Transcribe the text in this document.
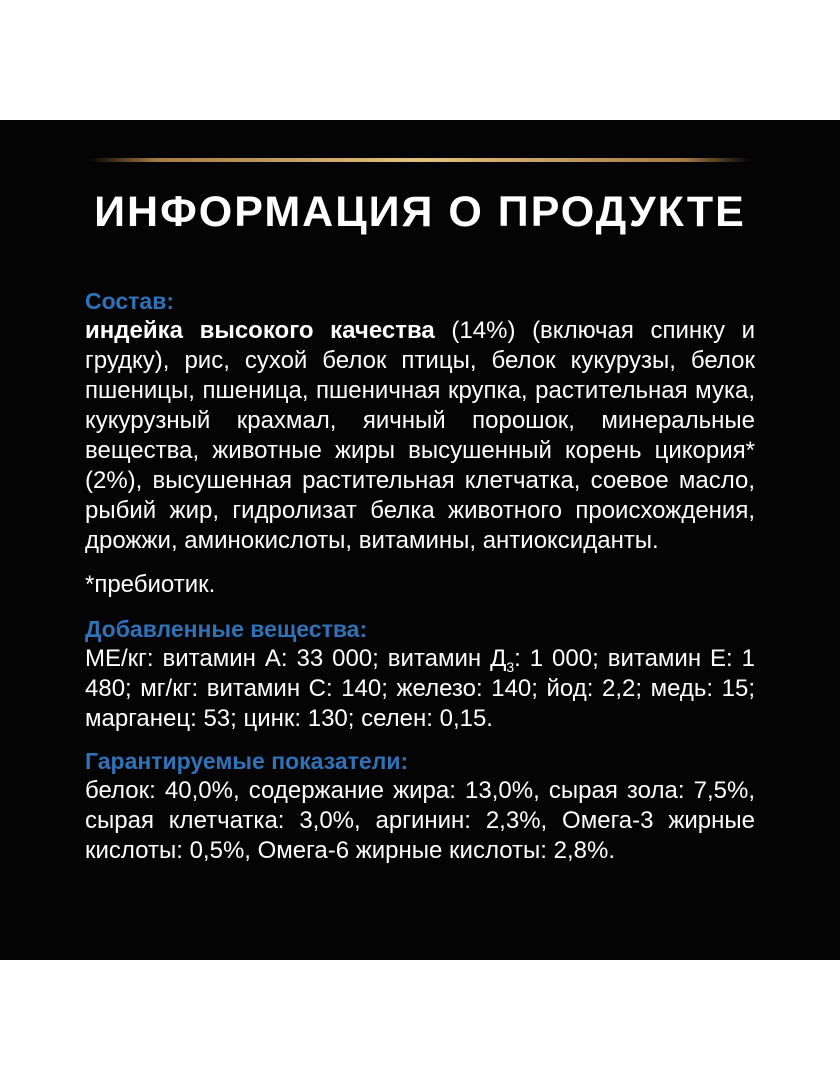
ИНФОРМАЦИЯ О ПРОДУКТЕ
Состав:
индейка высокого качества (14%) (включая спинку и грудку), рис, сухой белок птицы, белок кукурузы, белок пшеницы, пшеница, пшеничная крупка, растительная мука, кукурузный крахмал, яичный порошок, минеральные вещества, животные жиры высушенный корень цикория* (2%), высушенная растительная клетчатка, соевое масло, рыбий жир, гидролизат белка животного происхождения, дрожжи, аминокислоты, витамины, антиоксиданты.
*пребиотик.
Добавленные вещества:
МЕ/кг: витамин А: 33 000; витамин $Д_3$: 1 000; витамин Е: 1 480; мг/кг: витамин С: 140; железо: 140; йод: 2,2; медь: 15; марганец: 53; цинк: 130; селен: 0,15.
Гарантируемые показатели:
белок: 40,0%, содержание жира: 13,0%, сырая зола: 7,5%, сырая клетчатка: 3,0%, аргинин: 2,3%, Омега-3 жирные кислоты: 0,5%, Омега-6 жирные кислоты: 2,8%.
